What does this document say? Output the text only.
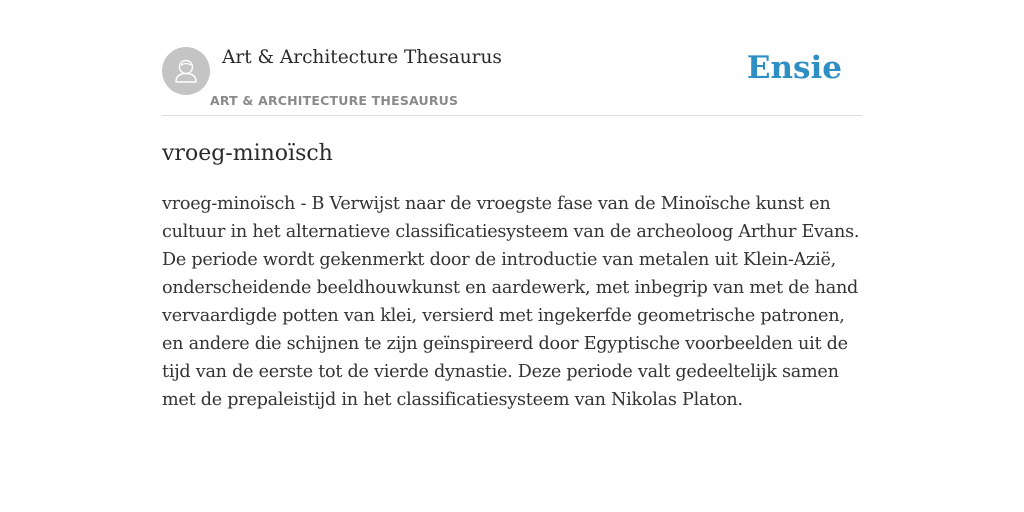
Art & Architecture Thesaurus
ART & ARCHITECTURE THESAURUS
Ensie
vroeg-minoïsch

vroeg-minoïsch - B Verwijst naar de vroegste fase van de Minoïsche kunst en cultuur in het alternatieve classificatiesysteem van de archeoloog Arthur Evans. De periode wordt gekenmerkt door de introductie van metalen uit Klein-Azië, onderscheidende beeldhouwkunst en aardewerk, met inbegrip van met de hand vervaardigde potten van klei, versierd met ingekerfde geometrische patronen, en andere die schijnen te zijn geïnspireerd door Egyptische voorbeelden uit de tijd van de eerste tot de vierde dynastie. Deze periode valt gedeeltelijk samen met de prepaleistijd in het classificatiesysteem van Nikolas Platon.
